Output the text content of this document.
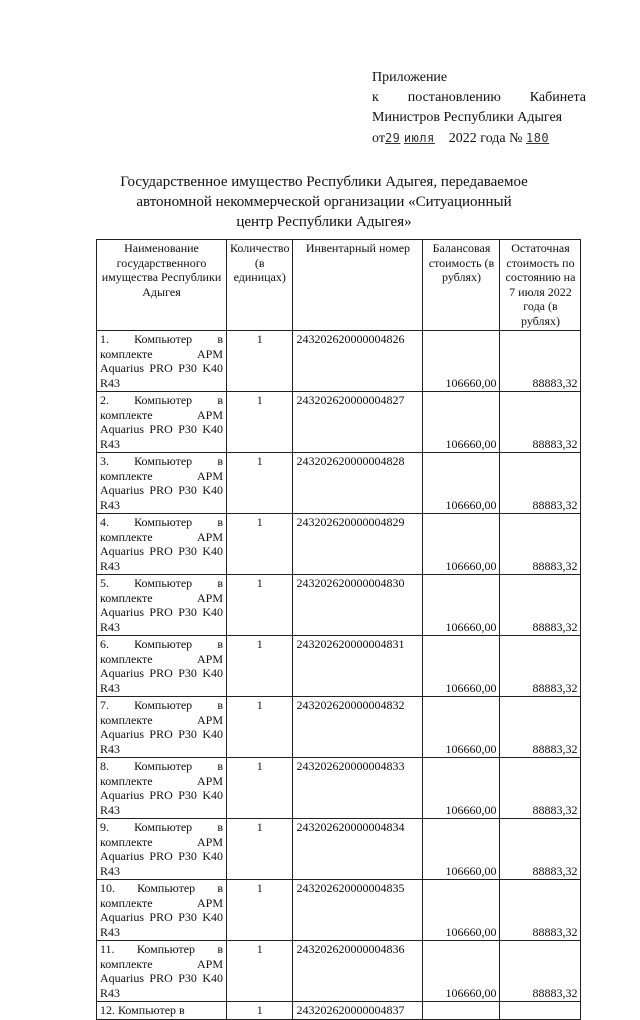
Приложение
к постановлению Кабинета
Министров Республики Адыгея
от29 июля 2022 года № 180
Государственное имущество Республики Адыгея, передаваемое автономной некоммерческой организации «Ситуационный центр Республики Адыгея»
Наименование государственного имущества Республики Адыгея	Количество (в единицах)	Инвентарный номер	Балансовая стоимость (в рублях)	Остаточная стоимость по состоянию на 7 июля 2022 года (в рублях)
1. Компьютер в комплекте АРМ Aquarius PRO P30 K40 R43	1	243202620000004826	106660,00	88883,32
2. Компьютер в комплекте АРМ Aquarius PRO P30 K40 R43	1	243202620000004827	106660,00	88883,32
3. Компьютер в комплекте АРМ Aquarius PRO P30 K40 R43	1	243202620000004828	106660,00	88883,32
4. Компьютер в комплекте АРМ Aquarius PRO P30 K40 R43	1	243202620000004829	106660,00	88883,32
5. Компьютер в комплекте АРМ Aquarius PRO P30 K40 R43	1	243202620000004830	106660,00	88883,32
6. Компьютер в комплекте АРМ Aquarius PRO P30 K40 R43	1	243202620000004831	106660,00	88883,32
7. Компьютер в комплекте АРМ Aquarius PRO P30 K40 R43	1	243202620000004832	106660,00	88883,32
8. Компьютер в комплекте АРМ Aquarius PRO P30 K40 R43	1	243202620000004833	106660,00	88883,32
9. Компьютер в комплекте АРМ Aquarius PRO P30 K40 R43	1	243202620000004834	106660,00	88883,32
10. Компьютер в комплекте АРМ Aquarius PRO P30 K40 R43	1	243202620000004835	106660,00	88883,32
11. Компьютер в комплекте АРМ Aquarius PRO P30 K40 R43	1	243202620000004836	106660,00	88883,32
12. Компьютер в	1	243202620000004837		
